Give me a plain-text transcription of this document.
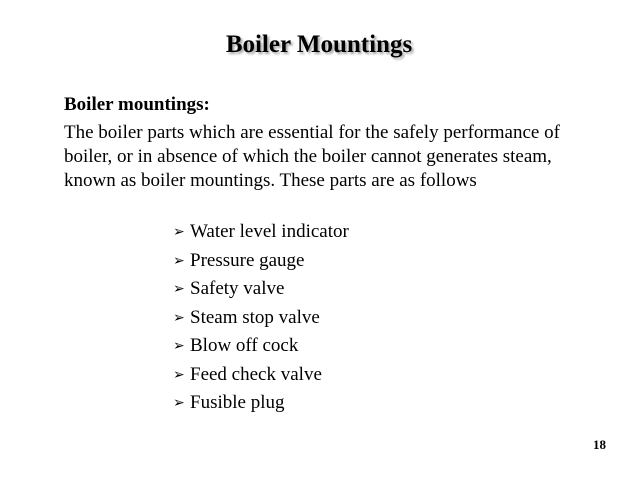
Boiler Mountings
Boiler mountings:
The boiler parts which are essential for the safely performance of boiler, or in absence of which the boiler cannot generates steam, known as boiler mountings. These parts are as follows
➢ Water level indicator
➢ Pressure gauge
➢ Safety valve
➢ Steam stop valve
➢ Blow off cock
➢ Feed check valve
➢ Fusible plug
18
